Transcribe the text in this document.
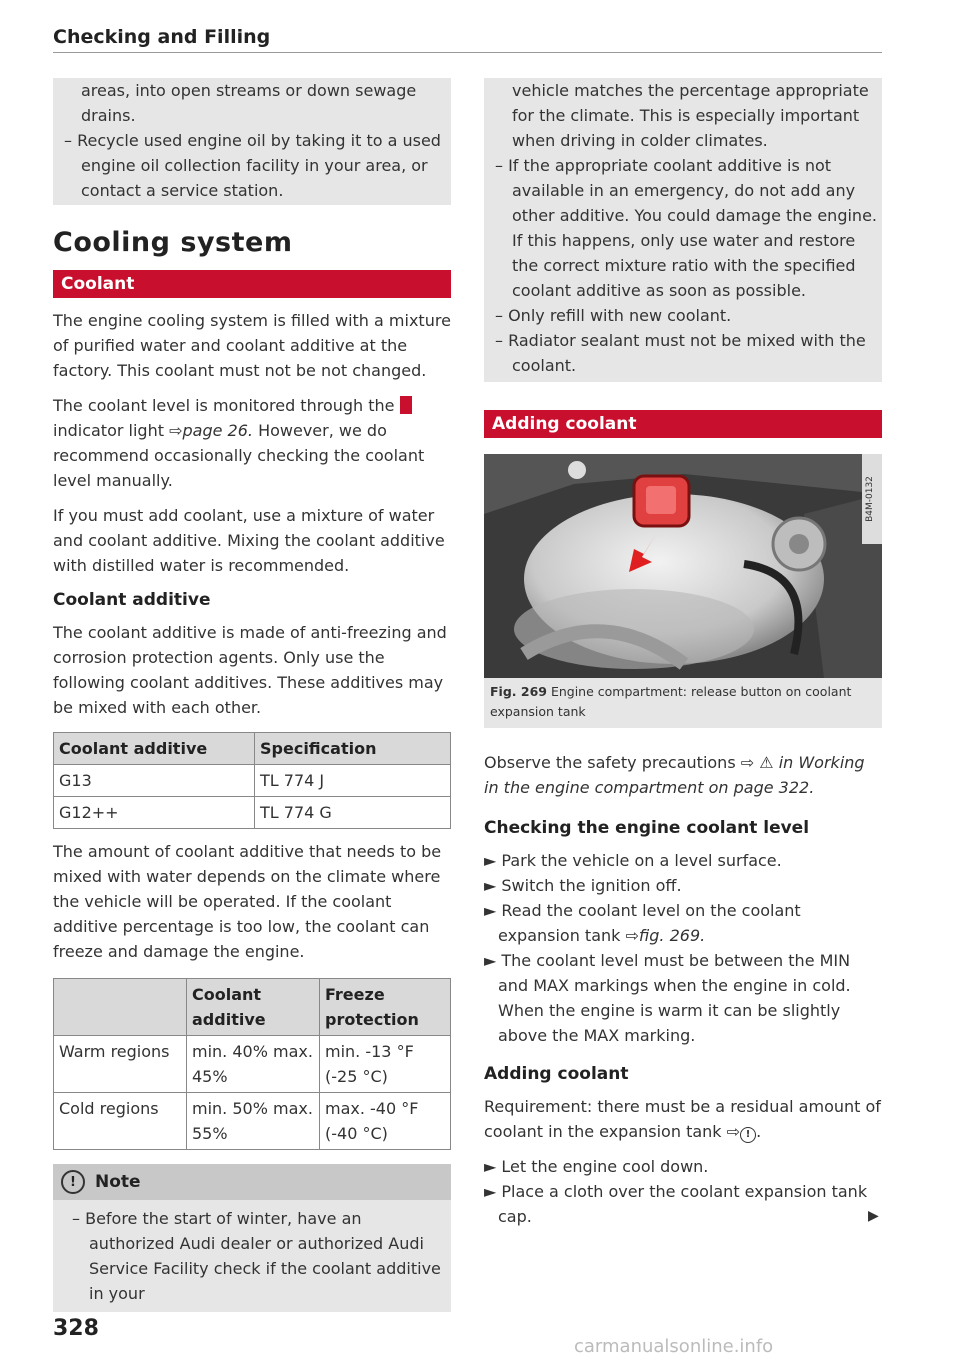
Checking and Filling
areas, into open streams or down sewage
drains.
– Recycle used engine oil by taking it to a used
engine oil collection facility in your area, or
contact a service station.
Cooling system
Coolant

The engine cooling system is filled with a mixture of purified water and coolant additive at the factory. This coolant must not be not changed.

The coolant level is monitored through the  indicator light ⇨page 26. However, we do recommend occasionally checking the coolant level manually.

If you must add coolant, use a mixture of water and coolant additive. Mixing the coolant additive with distilled water is recommended.

Coolant additive

The coolant additive is made of anti-freezing and corrosion protection agents. Only use the following coolant additives. These additives may be mixed with each other.

Coolant additive	Specification
G13	TL 774 J
G12++	TL 774 G

The amount of coolant additive that needs to be mixed with water depends on the climate where the vehicle will be operated. If the coolant additive percentage is too low, the coolant can freeze and damage the engine.

	Coolant additive	Freeze protection
Warm regions	min. 40% max. 45%	min. -13 °F (-25 °C)
Cold regions	min. 50% max. 55%	max. -40 °F (-40 °C)
!	Note

– Before the start of winter, have an authorized Audi dealer or authorized Audi Service Facility check if the coolant additive in your

vehicle matches the percentage appropriate for the climate. This is especially important when driving in colder climates.

– If the appropriate coolant additive is not available in an emergency, do not add any other additive. You could damage the engine. If this happens, only use water and restore the correct mixture ratio with the specified coolant additive as soon as possible.

– Only refill with new coolant.

– Radiator sealant must not be mixed with the coolant.

Adding coolant
B4M-0132
Fig. 269 Engine compartment: release button on coolant expansion tank

Observe the safety precautions ⇨ ⚠ in Working in the engine compartment on page 322.

Checking the engine coolant level

► Park the vehicle on a level surface.

► Switch the ignition off.

► Read the coolant level on the coolant expansion tank ⇨fig. 269.

► The coolant level must be between the MIN and MAX markings when the engine in cold. When the engine is warm it can be slightly above the MAX marking.

Adding coolant

Requirement: there must be a residual amount of coolant in the expansion tank ⇨ ! .

► Let the engine cool down.

► Place a cloth over the coolant expansion tank cap.	▶

328
carmanualsonline.info
